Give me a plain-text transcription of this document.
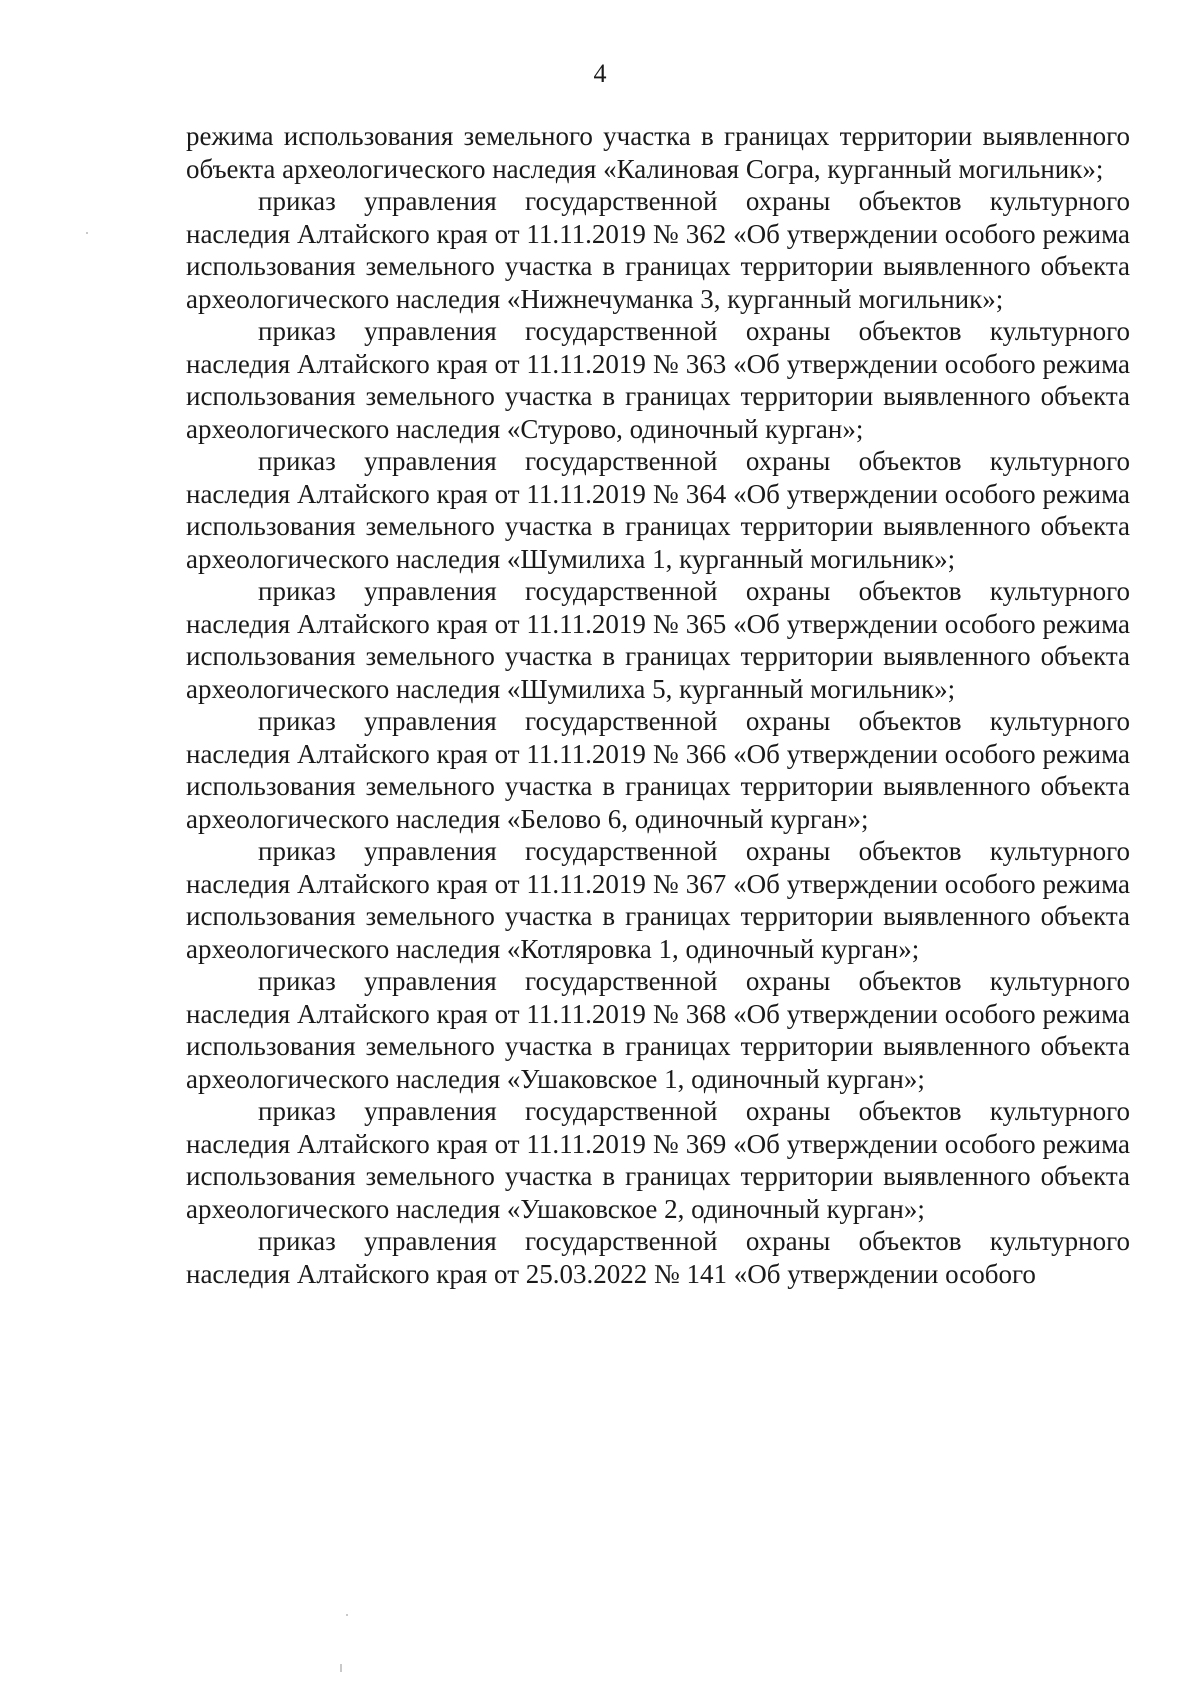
4

режима использования земельного участка в границах территории выявленного объекта археологического наследия «Калиновая Согра, курганный могильник»;

приказ управления государственной охраны объектов культурного наследия Алтайского края от 11.11.2019 № 362 «Об утверждении особого режима использования земельного участка в границах территории выявленного объекта археологического наследия «Нижнечуманка 3, курганный могильник»;

приказ управления государственной охраны объектов культурного наследия Алтайского края от 11.11.2019 № 363 «Об утверждении особого режима использования земельного участка в границах территории выявленного объекта археологического наследия «Стурово, одиночный курган»;

приказ управления государственной охраны объектов культурного наследия Алтайского края от 11.11.2019 № 364 «Об утверждении особого режима использования земельного участка в границах территории выявленного объекта археологического наследия «Шумилиха 1, курганный могильник»;

приказ управления государственной охраны объектов культурного наследия Алтайского края от 11.11.2019 № 365 «Об утверждении особого режима использования земельного участка в границах территории выявленного объекта археологического наследия «Шумилиха 5, курганный могильник»;

приказ управления государственной охраны объектов культурного наследия Алтайского края от 11.11.2019 № 366 «Об утверждении особого режима использования земельного участка в границах территории выявленного объекта археологического наследия «Белово 6, одиночный курган»;

приказ управления государственной охраны объектов культурного наследия Алтайского края от 11.11.2019 № 367 «Об утверждении особого режима использования земельного участка в границах территории выявленного объекта археологического наследия «Котляровка 1, одиночный курган»;

приказ управления государственной охраны объектов культурного наследия Алтайского края от 11.11.2019 № 368 «Об утверждении особого режима использования земельного участка в границах территории выявленного объекта археологического наследия «Ушаковское 1, одиночный курган»;

приказ управления государственной охраны объектов культурного наследия Алтайского края от 11.11.2019 № 369 «Об утверждении особого режима использования земельного участка в границах территории выявленного объекта археологического наследия «Ушаковское 2, одиночный курган»;

приказ управления государственной охраны объектов культурного наследия Алтайского края от 25.03.2022 № 141 «Об утверждении особого
